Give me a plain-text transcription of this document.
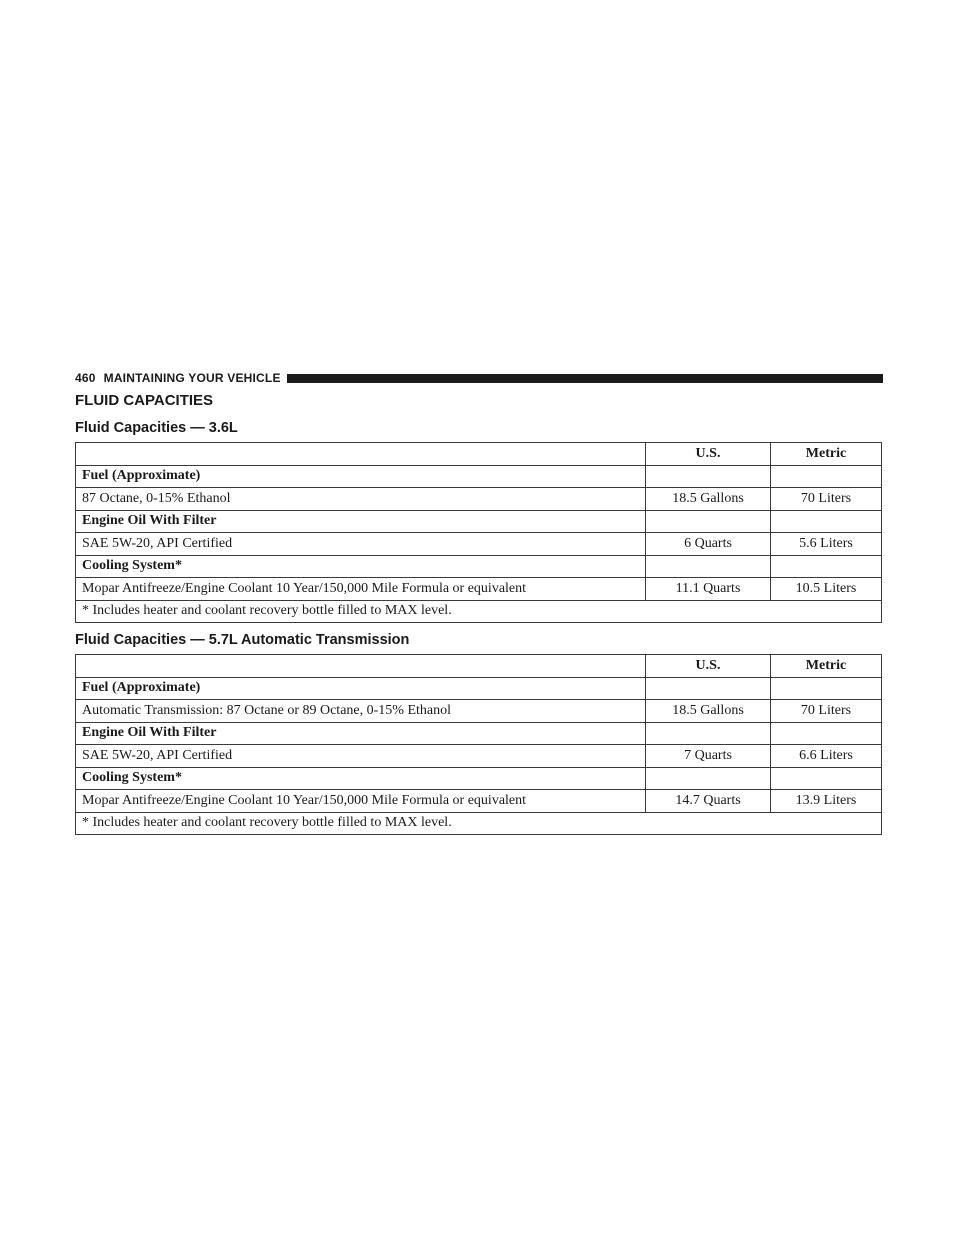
460 MAINTAINING YOUR VEHICLE
FLUID CAPACITIES
Fluid Capacities — 3.6L
	U.S.	Metric
Fuel (Approximate)		
87 Octane, 0-15% Ethanol	18.5 Gallons	70 Liters
Engine Oil With Filter		
SAE 5W-20, API Certified	6 Quarts	5.6 Liters
Cooling System*		
Mopar Antifreeze/Engine Coolant 10 Year/150,000 Mile Formula or equivalent	11.1 Quarts	10.5 Liters
* Includes heater and coolant recovery bottle filled to MAX level.		
Fluid Capacities — 5.7L Automatic Transmission
	U.S.	Metric
Fuel (Approximate)		
Automatic Transmission: 87 Octane or 89 Octane, 0-15% Ethanol	18.5 Gallons	70 Liters
Engine Oil With Filter		
SAE 5W-20, API Certified	7 Quarts	6.6 Liters
Cooling System*		
Mopar Antifreeze/Engine Coolant 10 Year/150,000 Mile Formula or equivalent	14.7 Quarts	13.9 Liters
* Includes heater and coolant recovery bottle filled to MAX level.		
